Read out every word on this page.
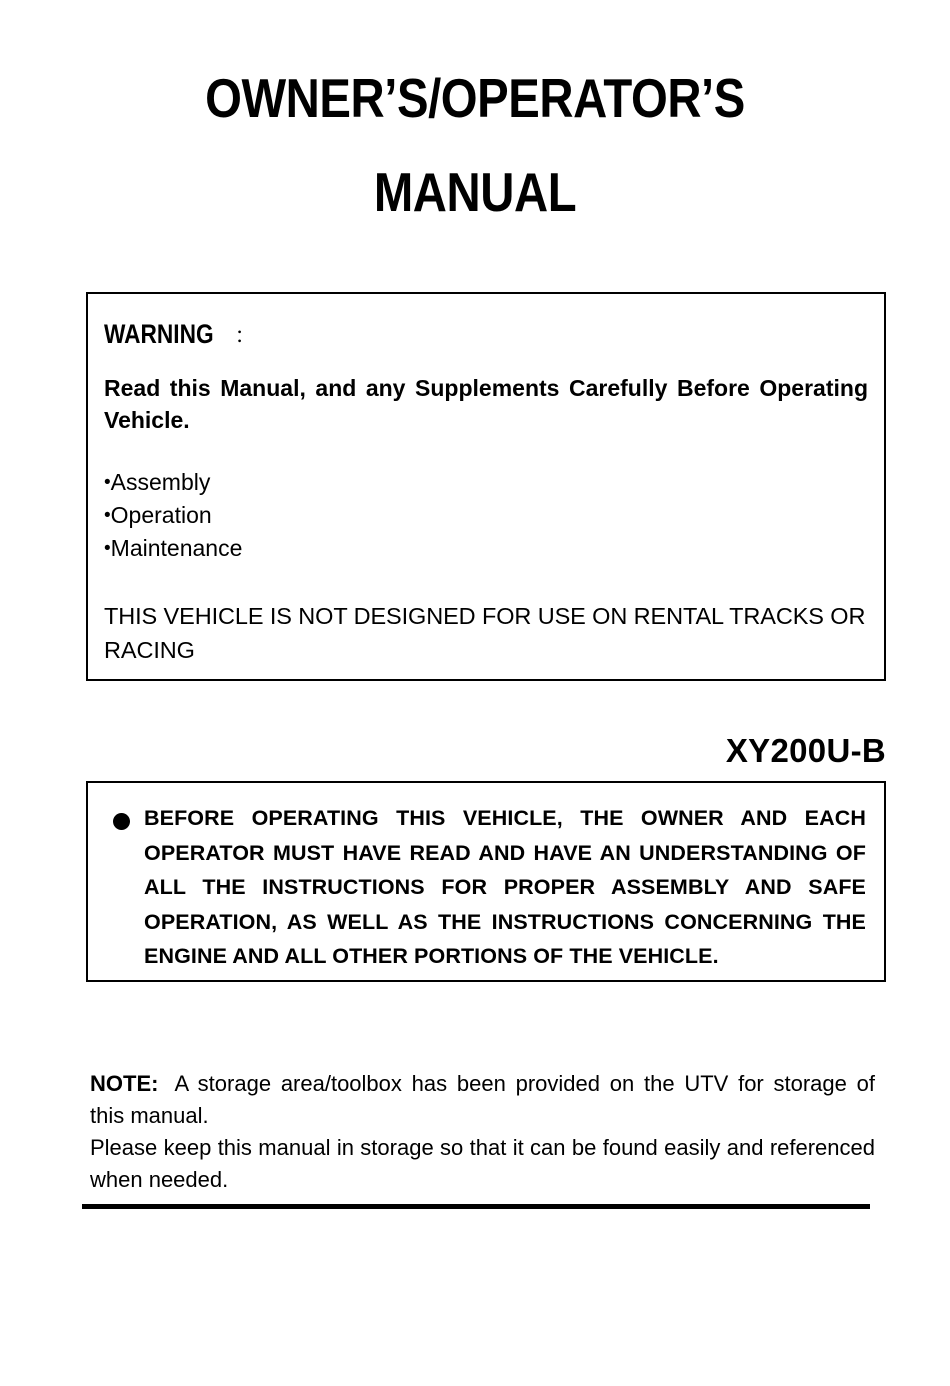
OWNER’S/OPERATOR’S
MANUAL
WARNING ：

Read this Manual, and any Supplements Carefully Before Operating Vehicle.

•Assembly
•Operation
•Maintenance

THIS VEHICLE IS NOT DESIGNED FOR USE ON RENTAL TRACKS OR RACING

XY200U-B
BEFORE OPERATING THIS VEHICLE, THE OWNER AND EACH OPERATOR MUST HAVE READ AND HAVE AN UNDERSTANDING OF ALL THE INSTRUCTIONS FOR PROPER ASSEMBLY AND SAFE OPERATION, AS WELL AS THE INSTRUCTIONS CONCERNING THE ENGINE AND ALL OTHER PORTIONS OF THE VEHICLE.

NOTE: A storage area/toolbox has been provided on the UTV for storage of this manual.

Please keep this manual in storage so that it can be found easily and referenced when needed.
